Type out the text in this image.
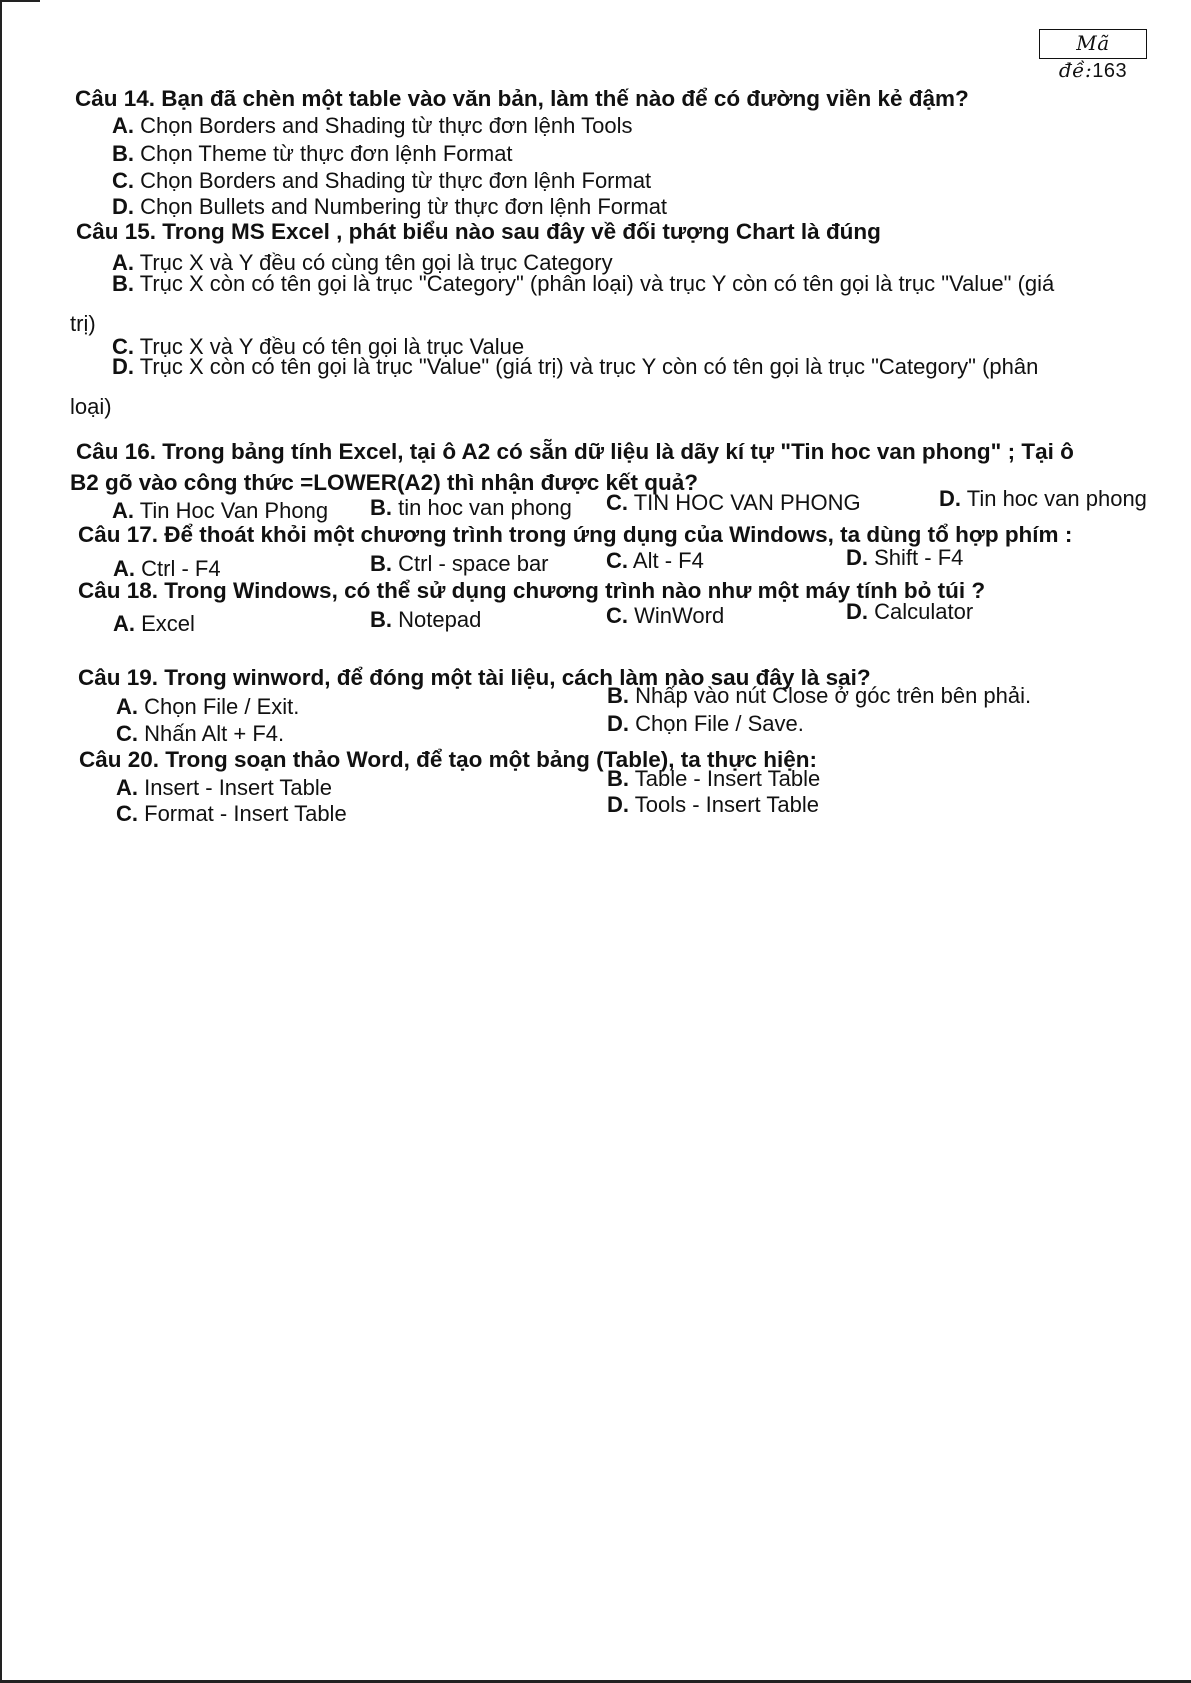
Mã đề:163
Câu 14. Bạn đã chèn một table vào văn bản, làm thế nào để có đường viền kẻ đậm?
A. Chọn Borders and Shading từ thực đơn lệnh Tools
B. Chọn Theme từ thực đơn lệnh Format
C. Chọn Borders and Shading từ thực đơn lệnh Format
D. Chọn Bullets and Numbering từ thực đơn lệnh Format
Câu 15. Trong MS Excel , phát biểu nào sau đây về đối tượng Chart là đúng
A. Trục X và Y đều có cùng tên gọi là trục Category
B. Trục X còn có tên gọi là trục "Category" (phân loại) và trục Y còn có tên gọi là trục "Value" (giá
trị)
C. Trục X và Y đều có tên gọi là trục Value
D. Trục X còn có tên gọi là trục "Value" (giá trị) và trục Y còn có tên gọi là trục "Category" (phân
loại)
Câu 16. Trong bảng tính Excel, tại ô A2 có sẵn dữ liệu là dãy kí tự "Tin hoc van phong" ; Tại ô
B2 gõ vào công thức =LOWER(A2) thì nhận được kết quả?
A. Tin Hoc Van Phong B. tin hoc van phong C. TIN HOC VAN PHONG	D. Tin hoc van phong
Câu 17. Để thoát khỏi một chương trình trong ứng dụng của Windows, ta dùng tổ hợp phím :
A. Ctrl - F4	B. Ctrl - space bar	C. Alt - F4	D. Shift - F4
Câu 18. Trong Windows, có thể sử dụng chương trình nào như một máy tính bỏ túi ?
A. Excel	B. Notepad	C. WinWord	D. Calculator
Câu 19. Trong winword, để đóng một tài liệu, cách làm nào sau đây là sai?
A. Chọn File / Exit.	B. Nhấp vào nút Close ở góc trên bên phải.
C. Nhấn Alt + F4.	D. Chọn File / Save.
Câu 20. Trong soạn thảo Word, để tạo một bảng (Table), ta thực hiện:
A. Insert - Insert Table	B. Table - Insert Table
C. Format - Insert Table	D. Tools - Insert Table
